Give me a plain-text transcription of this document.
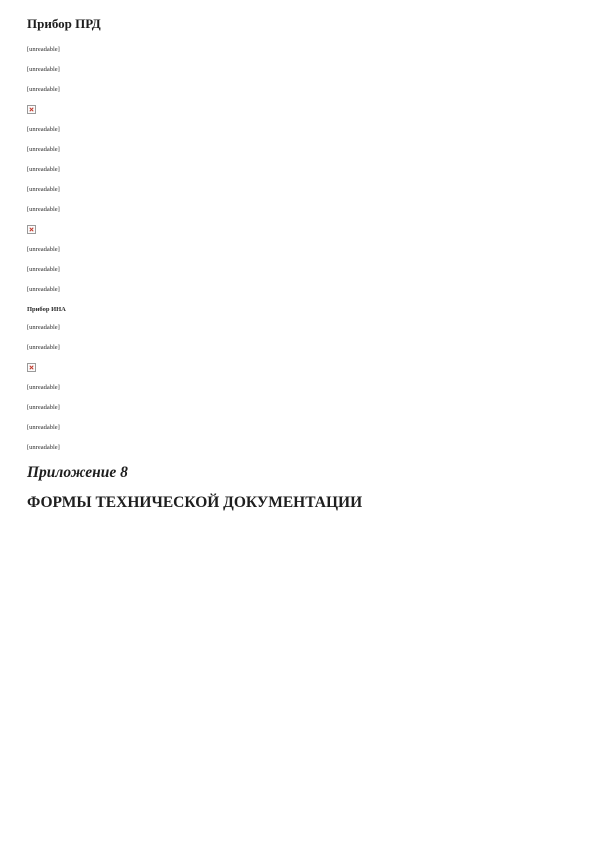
Прибор ПРД

[unreadable]

[unreadable]

[unreadable]

[unreadable]

[unreadable]

[unreadable]

[unreadable]

[unreadable]

[unreadable]

[unreadable]

[unreadable]

Прибор ИНА

[unreadable]

[unreadable]

[unreadable]

[unreadable]

[unreadable]

[unreadable]

Приложение 8
ФОРМЫ ТЕХНИЧЕСКОЙ ДОКУМЕНТАЦИИ
